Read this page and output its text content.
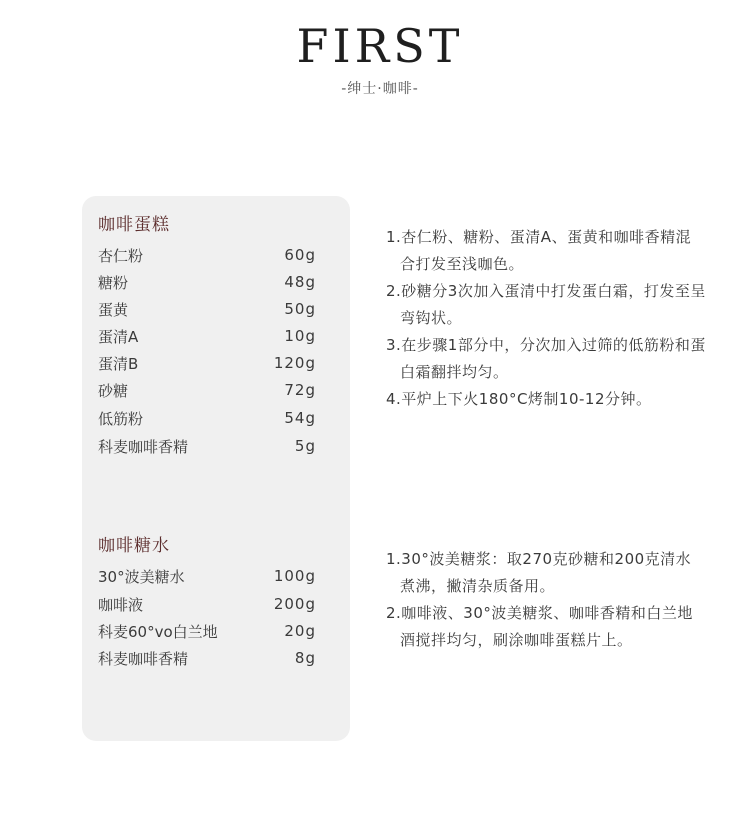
FIRST
-绅士·咖啡-
咖啡蛋糕
杏仁粉	60g
糖粉	48g
蛋黄	50g
蛋清A	10g
蛋清B	120g
砂糖	72g
低筋粉	54g
科麦咖啡香精	5g
咖啡糖水
30°波美糖水	100g
咖啡液	200g
科麦60°vo白兰地	20g
科麦咖啡香精	8g
1.杏仁粉、糖粉、蛋清A、蛋黄和咖啡香精混合打发至浅咖色。
2.砂糖分3次加入蛋清中打发蛋白霜，打发至呈弯钩状。
3.在步骤1部分中，分次加入过筛的低筋粉和蛋白霜翻拌均匀。
4.平炉上下火180°C烤制10-12分钟。
1.30°波美糖浆：取270克砂糖和200克清水煮沸，撇清杂质备用。
2.咖啡液、30°波美糖浆、咖啡香精和白兰地酒搅拌均匀，刷涂咖啡蛋糕片上。
